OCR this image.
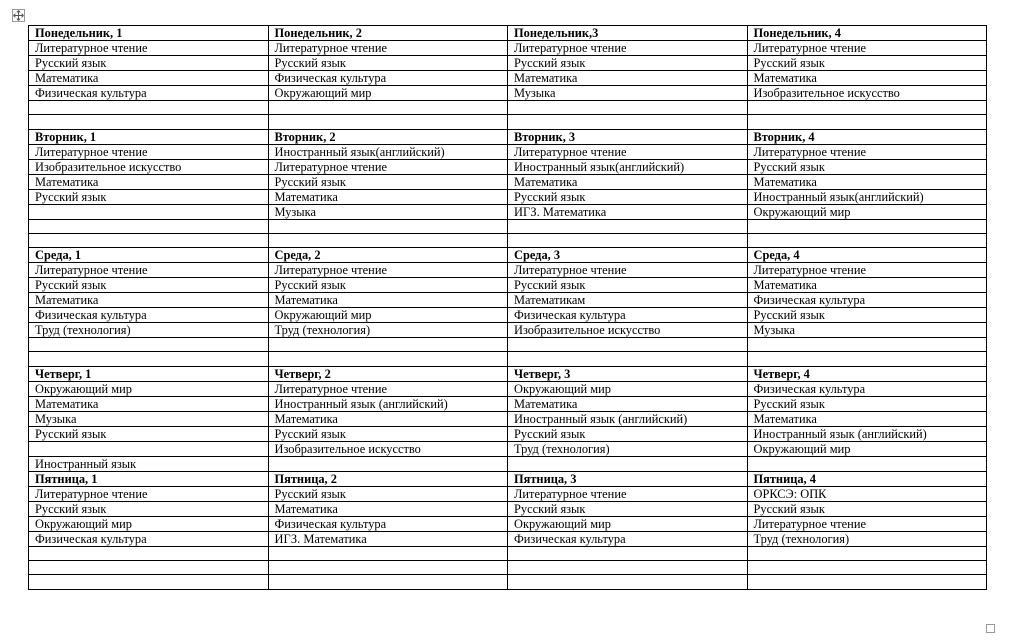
Понедельник, 1	Понедельник, 2	Понедельник,3	Понедельник, 4
Литературное чтение	Литературное чтение	Литературное чтение	Литературное чтение
Русский язык	Русский язык	Русский язык	Русский язык
Математика	Физическая культура	Математика	Математика
Физическая культура	Окружающий мир	Музыка	Изобразительное искусство

Вторник, 1	Вторник, 2	Вторник, 3	Вторник, 4
Литературное чтение	Иностранный язык(английский)	Литературное чтение	Литературное чтение
Изобразительное искусство	Литературное чтение	Иностранный язык(английский)	Русский язык
Математика	Русский язык	Математика	Математика
Русский язык	Математика	Русский язык	Иностранный язык(английский)
	Музыка	ИГЗ. Математика	Окружающий мир

Среда, 1	Среда, 2	Среда, 3	Среда, 4
Литературное чтение	Литературное чтение	Литературное чтение	Литературное чтение
Русский язык	Русский язык	Русский язык	Математика
Математика	Математика	Математикам	Физическая культура
Физическая культура	Окружающий мир	Физическая культура	Русский язык
Труд (технология)	Труд (технология)	Изобразительное искусство	Музыка

Четверг, 1	Четверг, 2	Четверг, 3	Четверг, 4
Окружающий мир	Литературное чтение	Окружающий мир	Физическая культура
Математика	Иностранный язык (английский)	Математика	Русский язык
Музыка	Математика	Иностранный язык (английский)	Математика
Русский язык	Русский язык	Русский язык	Иностранный язык (английский)
	Изобразительное искусство	Труд (технология)	Окружающий мир
Иностранный язык			
Пятница, 1	Пятница, 2	Пятница, 3	Пятница, 4
Литературное чтение	Русский язык	Литературное чтение	ОРКСЭ: ОПК
Русский язык	Математика	Русский язык	Русский язык
Окружающий мир	Физическая культура	Окружающий мир	Литературное чтение
Физическая культура	ИГЗ. Математика	Физическая культура	Труд (технология)
